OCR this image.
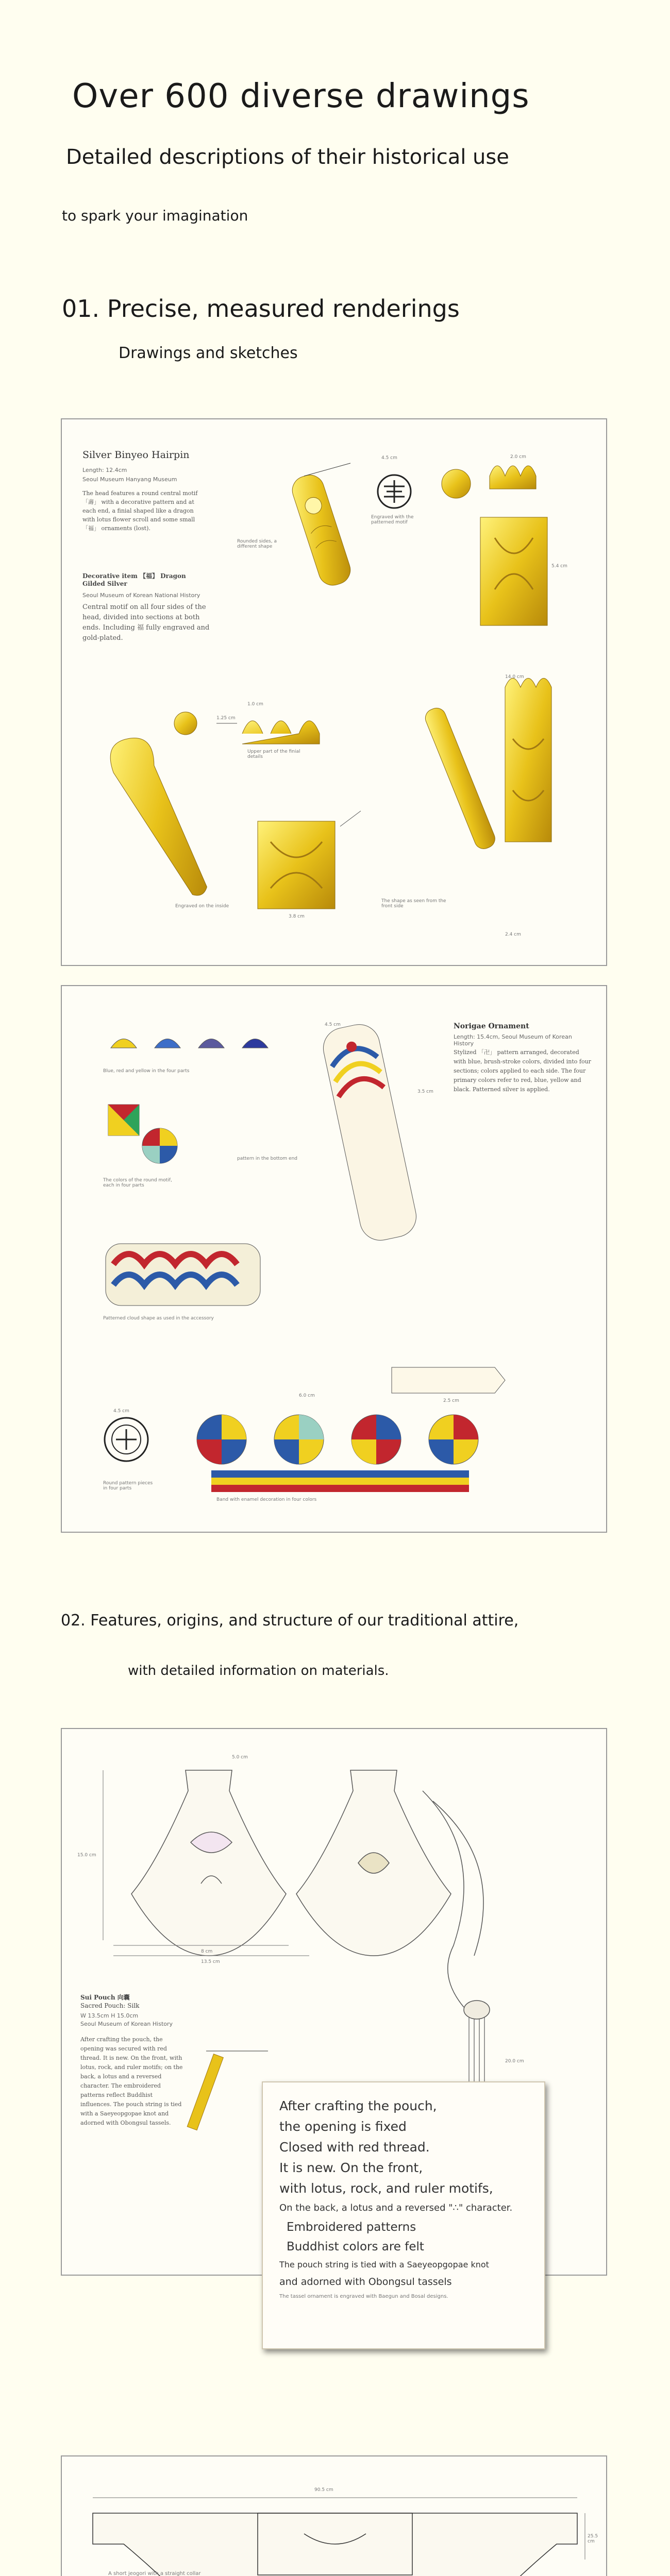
Over 600 diverse drawings
Detailed descriptions of their historical use
to spark your imagination
01. Precise, measured renderings
Drawings and sketches
Silver Binyeo Hairpin
Length: 12.4cm
Seoul Museum Hanyang Museum
The head features a round central motif 「壽」 with a decorative pattern and at each end, a finial shaped like a dragon with lotus flower scroll and some small 「福」 ornaments (lost).
Decorative item 【福】 Dragon Gilded Silver
Seoul Museum of Korean National History
Central motif on all four sides of the head, divided into sections at both ends. Including 福 fully engraved and gold-plated.
4.5 cm	2.0 cm
5.4 cm
1.25 cm
1.0 cm
14.0 cm
3.8 cm
2.4 cm
Engraved with the patterned motif
Rounded sides, a different shape
Upper part of the finial details
Engraved on the inside
The shape as seen from the front side
Norigae Ornament
Length: 15.4cm, Seoul Museum of Korean History
Stylized 「卍」 pattern arranged, decorated with blue, brush-stroke colors, divided into four sections; colors applied to each side. The four primary colors refer to red, blue, yellow and black. Patterned silver is applied.
4.5 cm
3.5 cm
4.5 cm
6.0 cm
2.5 cm
Blue, red and yellow in the four parts
The colors of the round motif, each in four parts
pattern in the bottom end
Round pattern pieces in four parts
Patterned cloud shape as used in the accessory
Band with enamel decoration in four colors
02. Features, origins, and structure of our traditional attire,
with detailed information on materials.
5.0 cm
8 cm
13.5 cm
15.0 cm
20.0 cm
Sui Pouch 向囊
Sacred Pouch: Silk
W 13.5cm H 15.0cm
Seoul Museum of Korean History
After crafting the pouch, the opening was secured with red thread. It is new. On the front, with lotus, rock, and ruler motifs; on the back, a lotus and a reversed character. The embroidered patterns reflect Buddhist influences. The pouch string is tied with a Saeyeopgopae knot and adorned with Obongsul tassels.

After crafting the pouch,

the opening is fixed

Closed with red thread.

It is new. On the front,

with lotus, rock, and ruler motifs,

On the back, a lotus and a reversed "∴" character.

Embroidered patterns

Buddhist colors are felt

The pouch string is tied with a Saeyeopgopae knot

and adorned with Obongsul tassels

The tassel ornament is engraved with Baegun and Bosal designs.

90.5 cm
25.5 cm
A short jeogori with a straight collar
